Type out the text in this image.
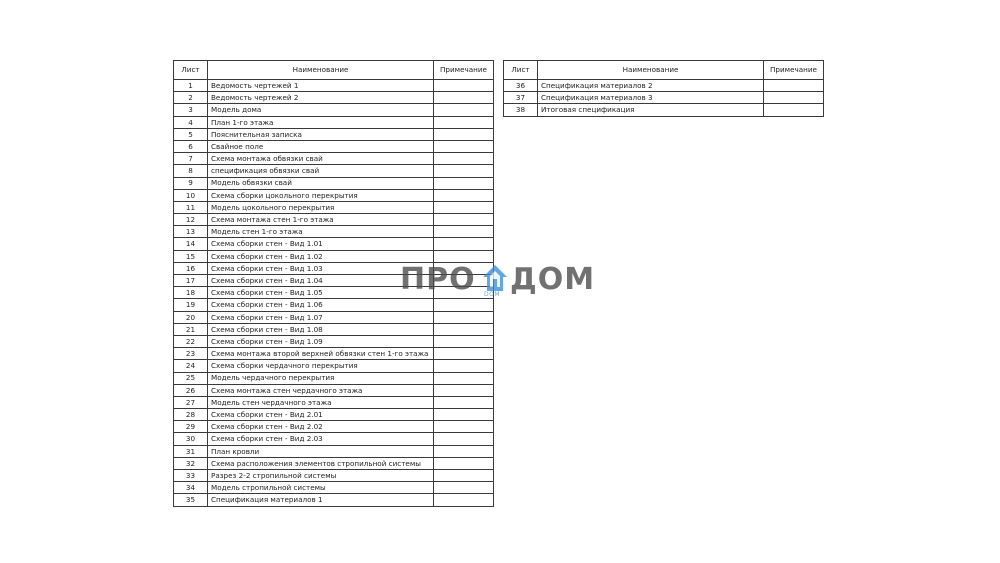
Лист	Наименование	Примечание
1	Ведомость чертежей 1	
2	Ведомость чертежей 2	
3	Модель дома	
4	План 1-го этажа	
5	Пояснительная записка	
6	Свайное поле	
7	Схема монтажа обвязки свай	
8	спецификация обвязки свай	
9	Модель обвязки свай	
10	Схема сборки цокольного перекрытия	
11	Модель цокольного перекрытия	
12	Схема монтажа стен 1-го этажа	
13	Модель стен 1-го этажа	
14	Схема сборки стен - Вид 1.01	
15	Схема сборки стен - Вид 1.02	
16	Схема сборки стен - Вид 1.03	
17	Схема сборки стен - Вид 1.04	
18	Схема сборки стен - Вид 1.05	
19	Схема сборки стен - Вид 1.06	
20	Схема сборки стен - Вид 1.07	
21	Схема сборки стен - Вид 1.08	
22	Схема сборки стен - Вид 1.09	
23	Схема монтажа второй верхней обвязки стен 1-го этажа	
24	Схема сборки чердачного перекрытия	
25	Модель чердачного перекрытия	
26	Схема монтажа стен чердачного этажа	
27	Модель стен чердачного этажа	
28	Схема сборки стен - Вид 2.01	
29	Схема сборки стен - Вид 2.02	
30	Схема сборки стен - Вид 2.03	
31	План кровли	
32	Схема расположения элементов стропильной системы	
33	Разрез 2-2 стропильной системы	
34	Модель стропильной системы	
35	Спецификация материалов 1	
Лист	Наименование	Примечание
36	Спецификация материалов 2	
37	Спецификация материалов 3	
38	Итоговая спецификация	
ПРО DOM ДОМ
